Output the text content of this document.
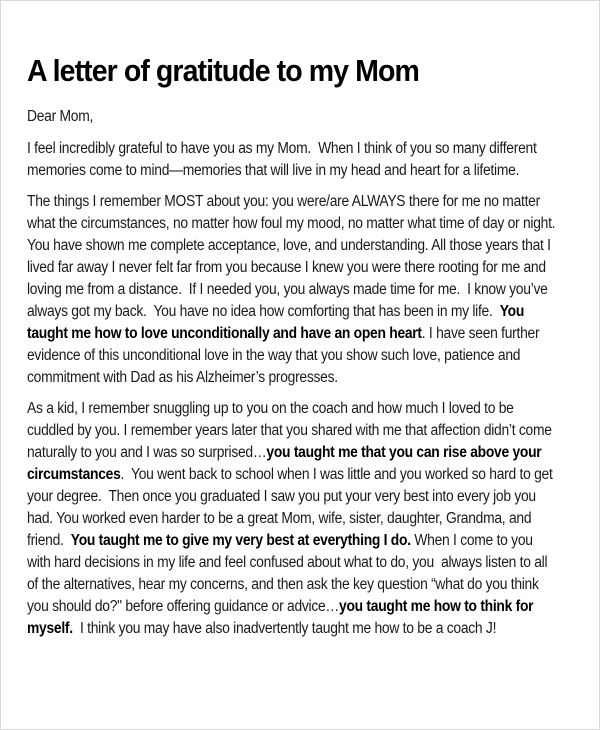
A letter of gratitude to my Mom
Dear Mom,
I feel incredibly grateful to have you as my Mom.  When I think of you so many different
memories come to mind—memories that will live in my head and heart for a lifetime.
The things I remember MOST about you: you were/are ALWAYS there for me no matter
what the circumstances, no matter how foul my mood, no matter what time of day or night.
You have shown me complete acceptance, love, and understanding. All those years that I
lived far away I never felt far from you because I knew you were there rooting for me and
loving me from a distance.  If I needed you, you always made time for me.  I know you’ve
always got my back.  You have no idea how comforting that has been in my life.  You
taught me how to love unconditionally and have an open heart. I have seen further
evidence of this unconditional love in the way that you show such love, patience and
commitment with Dad as his Alzheimer’s progresses.
As a kid, I remember snuggling up to you on the coach and how much I loved to be
cuddled by you. I remember years later that you shared with me that affection didn’t come
naturally to you and I was so surprised…you taught me that you can rise above your
circumstances.  You went back to school when I was little and you worked so hard to get
your degree.  Then once you graduated I saw you put your very best into every job you
had. You worked even harder to be a great Mom, wife, sister, daughter, Grandma, and
friend.  You taught me to give my very best at everything I do. When I come to you
with hard decisions in my life and feel confused about what to do, you  always listen to all
of the alternatives, hear my concerns, and then ask the key question “what do you think
you should do?" before offering guidance or advice…you taught me how to think for
myself.  I think you may have also inadvertently taught me how to be a coach J!
